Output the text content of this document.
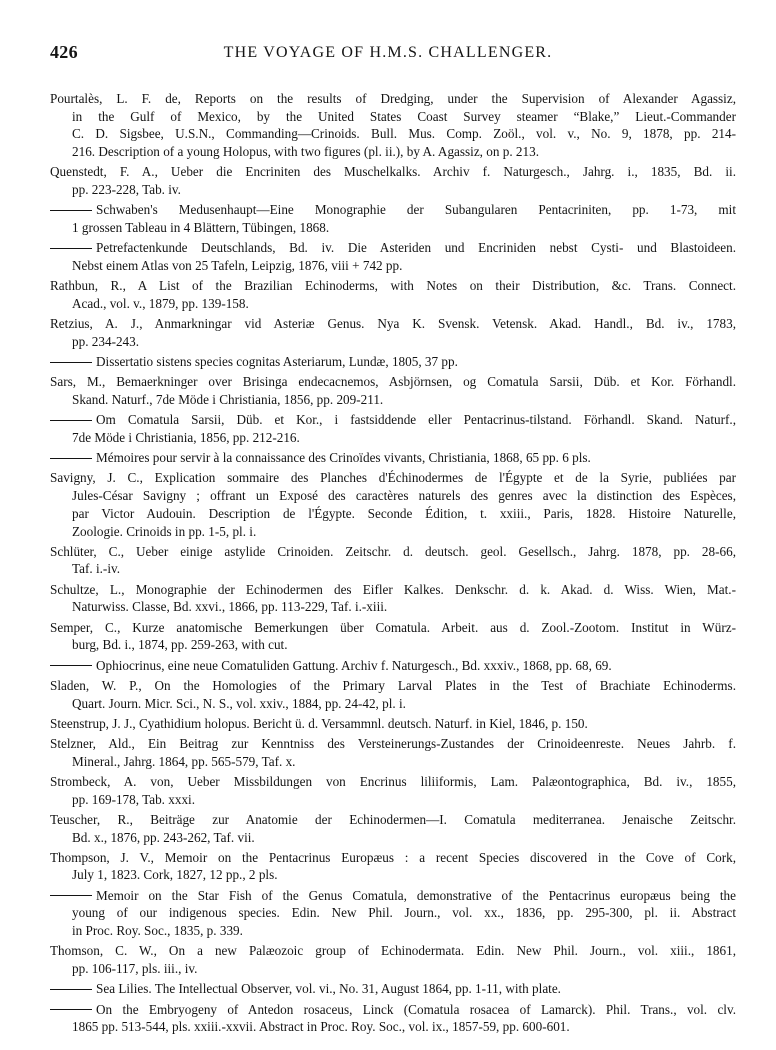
426	THE VOYAGE OF H.M.S. CHALLENGER.
Pourtalès, L. F. de, Reports on the results of Dredging, under the Supervision of Alexander Agassiz,
in the Gulf of Mexico, by the United States Coast Survey steamer “Blake,” Lieut.-Commander
C. D. Sigsbee, U.S.N., Commanding—Crinoids. Bull. Mus. Comp. Zoöl., vol. v., No. 9, 1878, pp. 214-
216. Description of a young Holopus, with two figures (pl. ii.), by A. Agassiz, on p. 213.
Quenstedt, F. A., Ueber die Encriniten des Muschelkalks. Archiv f. Naturgesch., Jahrg. i., 1835, Bd. ii.
pp. 223-228, Tab. iv.
Schwaben's Medusenhaupt—Eine Monographie der Subangularen Pentacriniten, pp. 1-73, mit
1 grossen Tableau in 4 Blättern, Tübingen, 1868.
Petrefactenkunde Deutschlands, Bd. iv. Die Asteriden und Encriniden nebst Cysti- und Blastoideen.
Nebst einem Atlas von 25 Tafeln, Leipzig, 1876, viii + 742 pp.
Rathbun, R., A List of the Brazilian Echinoderms, with Notes on their Distribution, &c. Trans. Connect.
Acad., vol. v., 1879, pp. 139-158.
Retzius, A. J., Anmarkningar vid Asteriæ Genus. Nya K. Svensk. Vetensk. Akad. Handl., Bd. iv., 1783,
pp. 234-243.
Dissertatio sistens species cognitas Asteriarum, Lundæ, 1805, 37 pp.
Sars, M., Bemaerkninger over Brisinga endecacnemos, Asbjörnsen, og Comatula Sarsii, Düb. et Kor. Förhandl.
Skand. Naturf., 7de Möde i Christiania, 1856, pp. 209-211.
Om Comatula Sarsii, Düb. et Kor., i fastsiddende eller Pentacrinus-tilstand. Förhandl. Skand. Naturf.,
7de Möde i Christiania, 1856, pp. 212-216.
Mémoires pour servir à la connaissance des Crinoïdes vivants, Christiania, 1868, 65 pp. 6 pls.
Savigny, J. C., Explication sommaire des Planches d'Échinodermes de l'Égypte et de la Syrie, publiées par
Jules-César Savigny ; offrant un Exposé des caractères naturels des genres avec la distinction des Espèces,
par Victor Audouin. Description de l'Égypte. Seconde Édition, t. xxiii., Paris, 1828. Histoire Naturelle,
Zoologie. Crinoids in pp. 1-5, pl. i.
Schlüter, C., Ueber einige astylide Crinoiden. Zeitschr. d. deutsch. geol. Gesellsch., Jahrg. 1878, pp. 28-66,
Taf. i.-iv.
Schultze, L., Monographie der Echinodermen des Eifler Kalkes. Denkschr. d. k. Akad. d. Wiss. Wien, Mat.-
Naturwiss. Classe, Bd. xxvi., 1866, pp. 113-229, Taf. i.-xiii.
Semper, C., Kurze anatomische Bemerkungen über Comatula. Arbeit. aus d. Zool.-Zootom. Institut in Würz-
burg, Bd. i., 1874, pp. 259-263, with cut.
Ophiocrinus, eine neue Comatuliden Gattung. Archiv f. Naturgesch., Bd. xxxiv., 1868, pp. 68, 69.
Sladen, W. P., On the Homologies of the Primary Larval Plates in the Test of Brachiate Echinoderms.
Quart. Journ. Micr. Sci., N. S., vol. xxiv., 1884, pp. 24-42, pl. i.
Steenstrup, J. J., Cyathidium holopus. Bericht ü. d. Versammnl. deutsch. Naturf. in Kiel, 1846, p. 150.
Stelzner, Ald., Ein Beitrag zur Kenntniss des Versteinerungs-Zustandes der Crinoideenreste. Neues Jahrb. f.
Mineral., Jahrg. 1864, pp. 565-579, Taf. x.
Strombeck, A. von, Ueber Missbildungen von Encrinus liliiformis, Lam. Palæontographica, Bd. iv., 1855,
pp. 169-178, Tab. xxxi.
Teuscher, R., Beiträge zur Anatomie der Echinodermen—I. Comatula mediterranea. Jenaische Zeitschr.
Bd. x., 1876, pp. 243-262, Taf. vii.
Thompson, J. V., Memoir on the Pentacrinus Europæus : a recent Species discovered in the Cove of Cork,
July 1, 1823. Cork, 1827, 12 pp., 2 pls.
Memoir on the Star Fish of the Genus Comatula, demonstrative of the Pentacrinus europæus being the
young of our indigenous species. Edin. New Phil. Journ., vol. xx., 1836, pp. 295-300, pl. ii. Abstract
in Proc. Roy. Soc., 1835, p. 339.
Thomson, C. W., On a new Palæozoic group of Echinodermata. Edin. New Phil. Journ., vol. xiii., 1861,
pp. 106-117, pls. iii., iv.
Sea Lilies. The Intellectual Observer, vol. vi., No. 31, August 1864, pp. 1-11, with plate.
On the Embryogeny of Antedon rosaceus, Linck (Comatula rosacea of Lamarck). Phil. Trans., vol. clv.
1865 pp. 513-544, pls. xxiii.-xxvii. Abstract in Proc. Roy. Soc., vol. ix., 1857-59, pp. 600-601.
